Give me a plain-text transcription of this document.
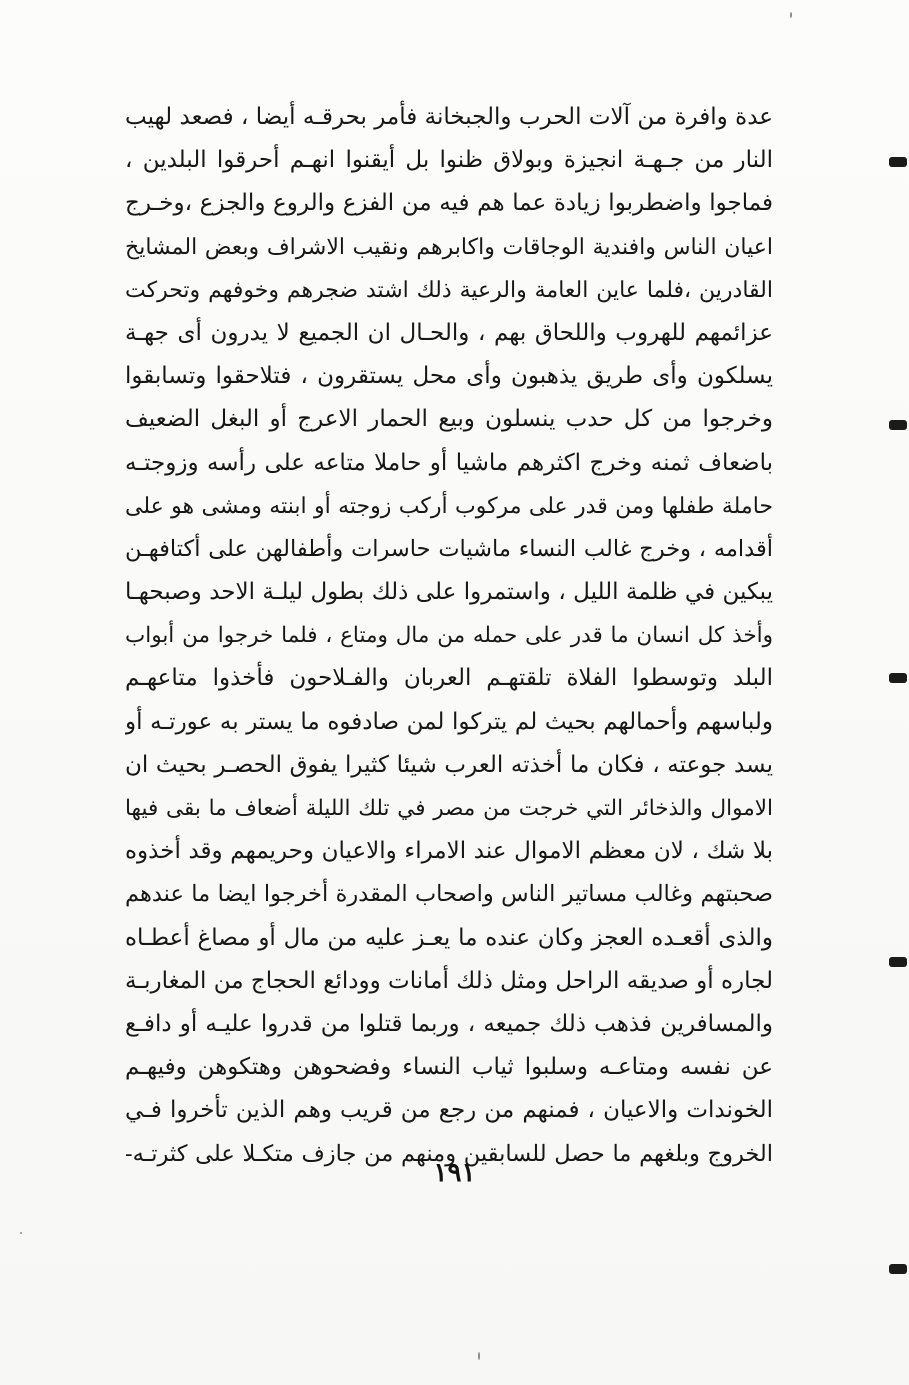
عدة وافرة من آلات الحرب والجبخانة فأمر بحرقـه أيضا ، فصعد لهيب
النار من جـهـة انجيزة وبولاق ظنوا بل أيقنوا انهـم أحرقوا البلدين ،
فماجوا واضطربوا زيادة عما هم فيه من الفزع والروع والجزع ،وخـرج
اعيان الناس وافندية الوجاقات واكابرهم ونقيب الاشراف وبعض المشايخ
القادرين ،فلما عاين العامة والرعية ذلك اشتد ضجرهم وخوفهم وتحركت
عزائمهم للهروب واللحاق بهم ، والحـال ان الجميع لا يدرون أى جهـة
يسلكون وأى طريق يذهبون وأى محل يستقرون ، فتلاحقوا وتسابقوا
وخرجوا من كل حدب ينسلون وبيع الحمار الاعرج أو البغل الضعيف
باضعاف ثمنه وخرج اكثرهم ماشيا أو حاملا متاعه على رأسه وزوجتـه
حاملة طفلها ومن قدر على مركوب أركب زوجته أو ابنته ومشى هو على
أقدامه ، وخرج غالب النساء ماشيات حاسرات وأطفالهن على أكتافهـن
يبكين في ظلمة الليل ، واستمروا على ذلك بطول ليلـة الاحد وصبحهـا
وأخذ كل انسان ما قدر على حمله من مال ومتاع ، فلما خرجوا من أبواب
البلد وتوسطوا الفلاة تلقتهـم العربان والفـلاحون فأخذوا متاعهـم
ولباسهم وأحمالهم بحيث لم يتركوا لمن صادفوه ما يستر به عورتـه أو
يسد جوعته ، فكان ما أخذته العرب شيئا كثيرا يفوق الحصـر بحيث ان
الاموال والذخائر التي خرجت من مصر في تلك الليلة أضعاف ما بقى فيها
بلا شك ، لان معظم الاموال عند الامراء والاعيان وحريمهم وقد أخذوه
صحبتهم وغالب مساتير الناس واصحاب المقدرة أخرجوا ايضا ما عندهم
والذى أقعـده العجز وكان عنده ما يعـز عليه من مال أو مصاغ أعطـاه
لجاره أو صديقه الراحل ومثل ذلك أمانات وودائع الحجاج من المغاربـة
والمسافرين فذهب ذلك جميعه ، وربما قتلوا من قدروا عليـه أو دافـع
عن نفسه ومتاعـه وسلبوا ثياب النساء وفضحوهن وهتكوهن وفيهـم
الخوندات والاعيان ، فمنهم من رجع من قريب وهم الذين تأخروا فـي
الخروج وبلغهم ما حصل للسابقين ومنهم من جازف متكـلا على كثرتـه-
١٩١
